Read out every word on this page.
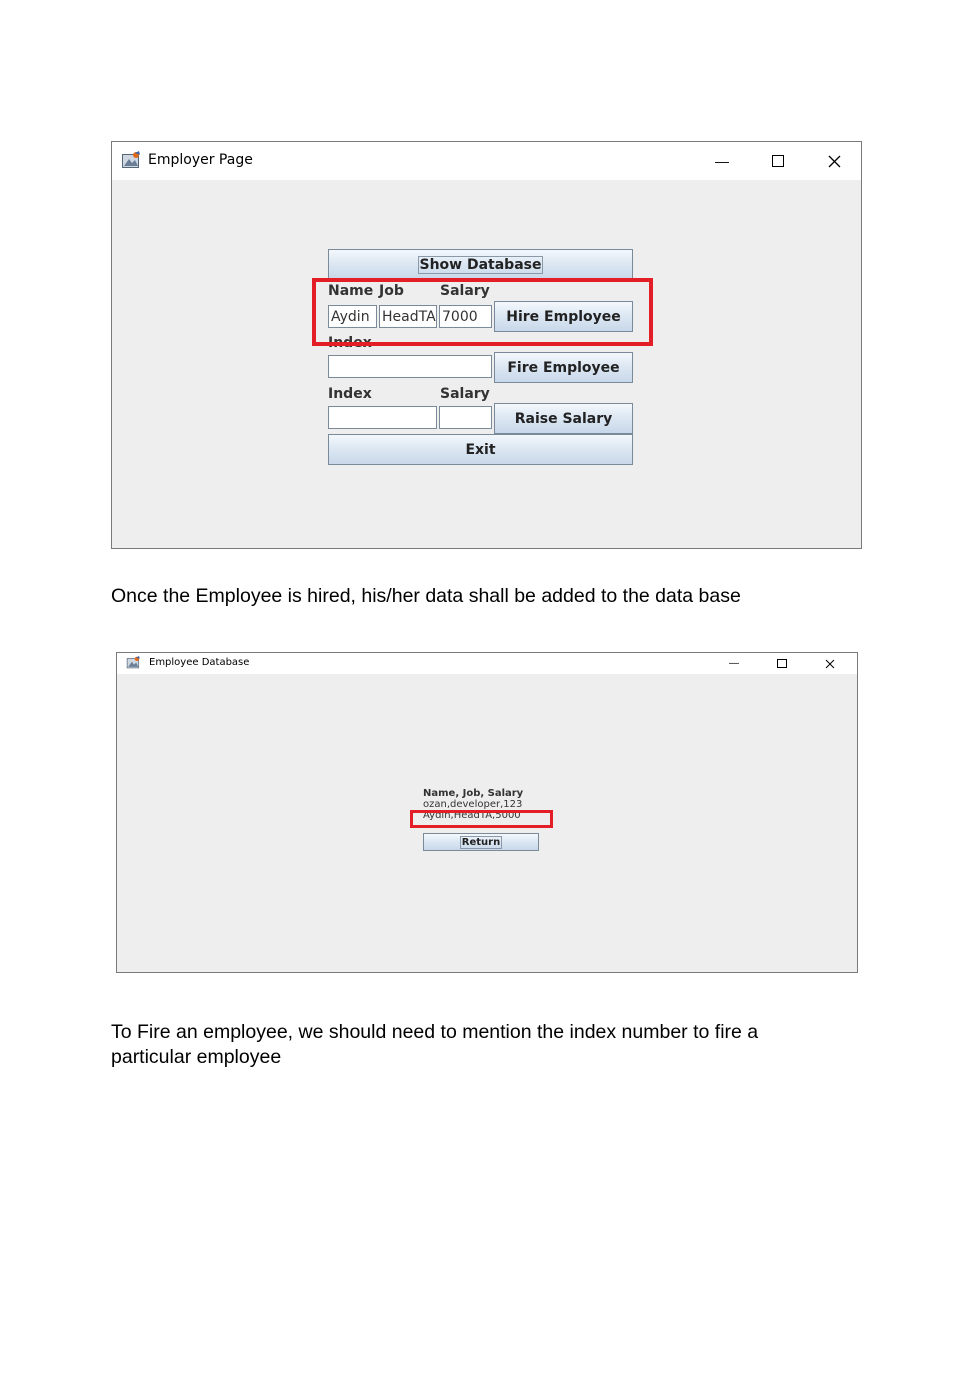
Employer Page	—
Show Database
Name Job	Salary
Aydin HeadTA 7000	Hire Employee
Index
Fire Employee
Index	Salary
Raise Salary
Exit
Once the Employee is hired, his/her data shall be added to the data base
Employee Database	—
Name, Job, Salary
ozan,developer,123
Aydin,HeadTA,5000
Return
To Fire an employee, we should need to mention the index number to fire a particular employee
